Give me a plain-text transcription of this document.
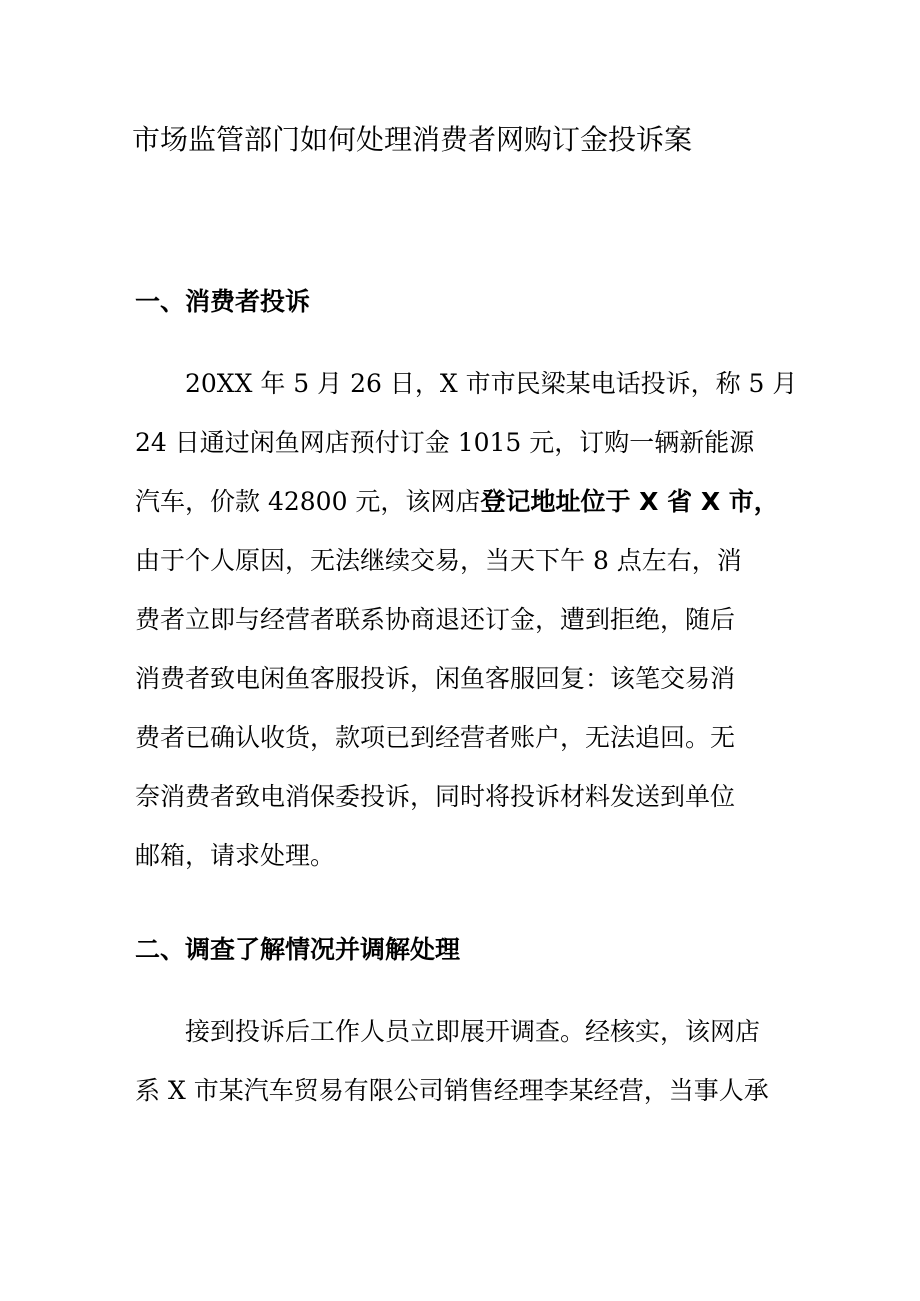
市场监管部门如何处理消费者网购订金投诉案
一、消费者投诉

20XX 年 5 月 26 日，X 市市民梁某电话投诉，称 5 月

24 日通过闲鱼网店预付订金 1015 元，订购一辆新能源

汽车，价款 42800 元，该网店登记地址位于 X 省 X 市，

由于个人原因，无法继续交易，当天下午 8 点左右，消

费者立即与经营者联系协商退还订金，遭到拒绝，随后

消费者致电闲鱼客服投诉，闲鱼客服回复：该笔交易消

费者已确认收货，款项已到经营者账户，无法追回。无

奈消费者致电消保委投诉，同时将投诉材料发送到单位

邮箱，请求处理。

二、调查了解情况并调解处理

接到投诉后工作人员立即展开调查。经核实，该网店

系 X 市某汽车贸易有限公司销售经理李某经营，当事人承
